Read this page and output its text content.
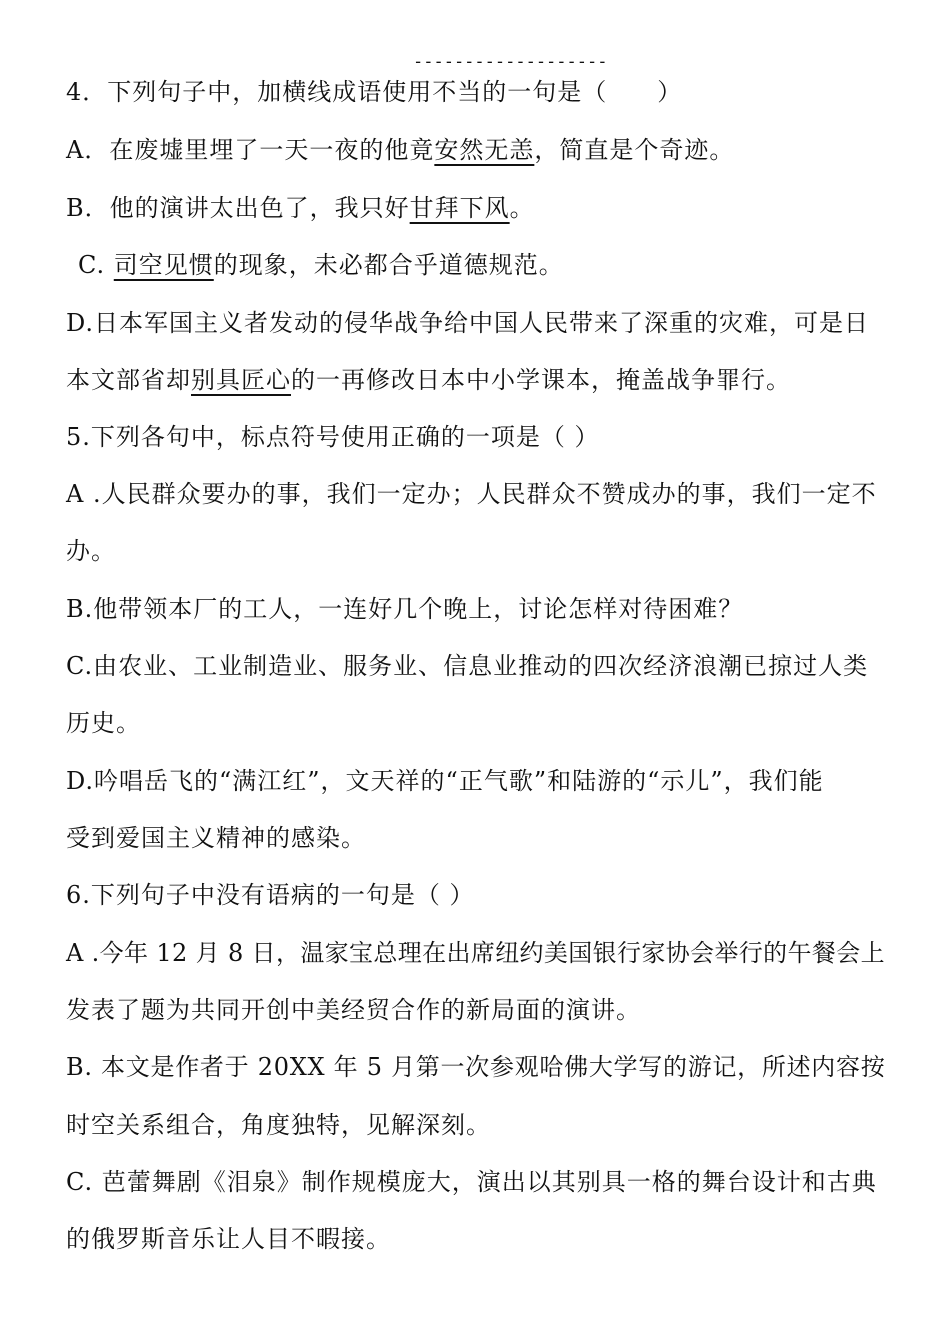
-------------------
4．下列句子中，加横线成语使用不当的一句是（　　）
A．在废墟里埋了一天一夜的他竟安然无恙，简直是个奇迹。
B．他的演讲太出色了，我只好甘拜下风。
C. 司空见惯的现象，未必都合乎道德规范。
D.日本军国主义者发动的侵华战争给中国人民带来了深重的灾难，可是日
本文部省却别具匠心的一再修改日本中小学课本，掩盖战争罪行。
5.下列各句中，标点符号使用正确的一项是（ ）
A .人民群众要办的事，我们一定办；人民群众不赞成办的事，我们一定不
办。
B.他带领本厂的工人，一连好几个晚上，讨论怎样对待困难？
C.由农业、工业制造业、服务业、信息业推动的四次经济浪潮已掠过人类
历史。
D.吟唱岳飞的“满江红”，文天祥的“正气歌”和陆游的“示儿”，我们能
受到爱国主义精神的感染。
6.下列句子中没有语病的一句是（ ）
A .今年 12 月 8 日，温家宝总理在出席纽约美国银行家协会举行的午餐会上
发表了题为共同开创中美经贸合作的新局面的演讲。
B. 本文是作者于 20XX 年 5 月第一次参观哈佛大学写的游记，所述内容按
时空关系组合，角度独特，见解深刻。
C. 芭蕾舞剧《泪泉》制作规模庞大，演出以其别具一格的舞台设计和古典
的俄罗斯音乐让人目不暇接。
